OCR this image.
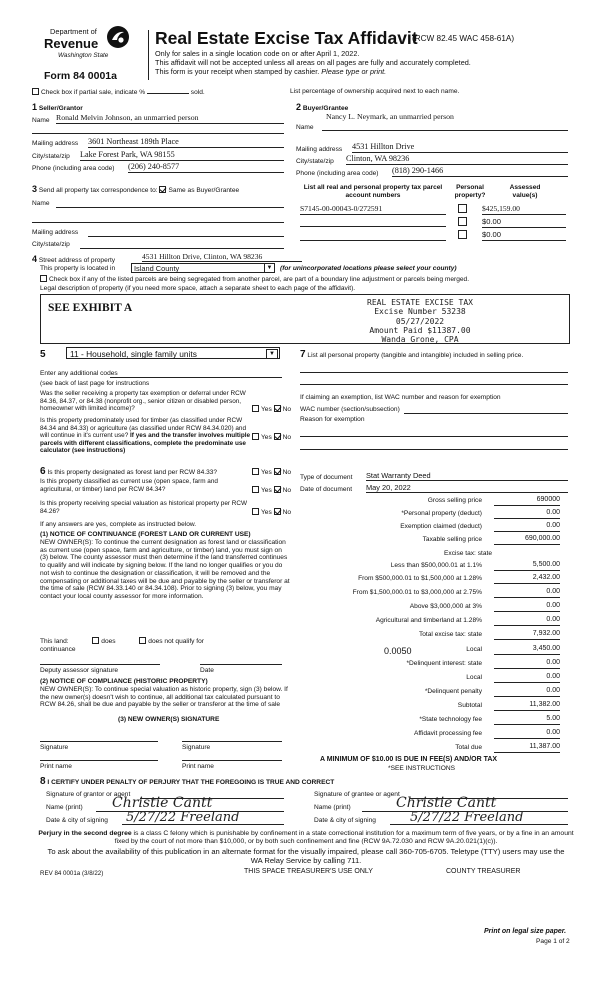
Department of
Revenue
Washington State
Form 84 0001a
Real Estate Excise Tax Affidavit
(RCW 82.45 WAC 458-61A)
Only for sales in a single location code on or after April 1, 2022.
This affidavit will not be accepted unless all areas on all pages are fully and accurately completed.
This form is your receipt when stamped by cashier. Please type or print.
Check box if partial sale, indicate %	sold.	List percentage of ownership acquired next to each name.
1 Seller/Grantor
Name Ronald Melvin Johnson, an unmarried person
Mailing address 3601 Northeast 189th Place
City/state/zip Lake Forest Park, WA 98155
Phone (including area code) (206) 240-8577
2 Buyer/Grantee
Name
Nancy L. Neymark, an unmarried person
Mailing address 4531 Hillton Drive
City/state/zip Clinton, WA 98236
Phone (including area code) (818) 290-1466
3 Send all property tax correspondence to: Same as Buyer/Grantee
Name
Mailing address
City/state/zip
List all real and personal property tax parcel account numbers
Personal property?
Assessed value(s)
S7145-00-00043-0/272591	$425,159.00
$0.00
$0.00
4 Street address of property	4531 Hillton Drive, Clinton, WA 98236
This property is located in	Island County	▼ (for unincorporated locations please select your county)
Check box if any of the listed parcels are being segregated from another parcel, are part of a boundary line adjustment or parcels being merged.
Legal description of property (if you need more space, attach a separate sheet to each page of the affidavit).
SEE EXHIBIT A	REAL ESTATE EXCISE TAX
Excise Number 53238
05/27/2022
Amount Paid $11387.00
Wanda Grone, CPA
5	11 - Household, single family units	▼
Enter any additional codes
(see back of last page for instructions
Was the seller receiving a property tax exemption or deferral under RCW 84.36, 84.37, or 84.38 (nonprofit org., senior citizen or disabled person, homeowner with limited income)?	Yes No
Is this property predominately used for timber (as classified under RCW 84.34 and 84.33) or agriculture (as classified under RCW 84.34.020) and will continue in it's current use? If yes and the transfer involves multiple parcels with different classifications, complete the predominate use calculator (see instructions)
Yes No
7 List all personal property (tangible and intangible) included in selling price.
If claiming an exemption, list WAC number and reason for exemption
WAC number (section/subsection)
Reason for exemption
Type of document Stat Warranty Deed
Date of document May 20, 2022
6 Is this property designated as forest land per RCW 84.33?	Yes No
Is this property classified as current use (open space, farm and agricultural, or timber) land per RCW 84.34?	Yes No
Is this property receiving special valuation as historical property per RCW 84.26?	Yes No
If any answers are yes, complete as instructed below.
(1) NOTICE OF CONTINUANCE (FOREST LAND OR CURRENT USE)
NEW OWNER(S): To continue the current designation as forest land or classification as current use (open space, farm and agriculture, or timber) land, you must sign on (3) below. The county assessor must then determine if the land transferred continues to qualify and will indicate by signing below. If the land no longer qualifies or you do not wish to continue the designation or classification, it will be removed and the compensating or additional taxes will be due and payable by the seller or transferor at the time of sale (RCW 84.33.140 or 84.34.108). Prior to signing (3) below, you may contact your local county assessor for more information.
This land:	does	does not qualify for
continuance
Deputy assessor signature	Date
(2) NOTICE OF COMPLIANCE (HISTORIC PROPERTY)
NEW OWNER(S): To continue special valuation as historic property, sign (3) below. If the new owner(s) doesn't wish to continue, all additional tax calculated pursuant to RCW 84.26, shall be due and payable by the seller or transferor at the time of sale
(3) NEW OWNER(S) SIGNATURE
Signature	Signature
Print name	Print name
Gross selling price	690000
*Personal property (deduct)	0.00
Exemption claimed (deduct)	0.00
Taxable selling price	690,000.00
Excise tax: state
Less than $500,000.01 at 1.1%	5,500.00
From $500,000.01 to $1,500,000 at 1.28%	2,432.00
From $1,500,000.01 to $3,000,000 at 2.75%	0.00
Above $3,000,000 at 3%	0.00
Agricultural and timberland at 1.28%	0.00
Total excise tax: state	7,932.00
0.0050	Local	3,450.00
*Delinquent interest: state	0.00
Local	0.00
*Delinquent penalty	0.00
Subtotal	11,382.00
*State technology fee	5.00
Affidavit processing fee	0.00
Total due	11,387.00
A MINIMUM OF $10.00 IS DUE IN FEE(S) AND/OR TAX
*SEE INSTRUCTIONS
8 I CERTIFY UNDER PENALTY OF PERJURY THAT THE FOREGOING IS TRUE AND CORRECT
Signature of grantor or agent
Name (print) Christie Cantt
Date & city of signing 5/27/22 Freeland
Signature of grantee or agent
Name (print)	Christie Cantt
Date & city of signing	5/27/22 Freeland
Perjury in the second degree is a class C felony which is punishable by confinement in a state correctional institution for a maximum term of five years, or by a fine in an amount fixed by the court of not more than $10,000, or by both such confinement and fine (RCW 9A.72.030 and RCW 9A.20.021(1)(c)).
To ask about the availability of this publication in an alternate format for the visually impaired, please call 360-705-6705. Teletype (TTY) users may use the WA Relay Service by calling 711.
REV 84 0001a (3/8/22)	THIS SPACE TREASURER'S USE ONLY	COUNTY TREASURER
Print on legal size paper.
Page 1 of 2
